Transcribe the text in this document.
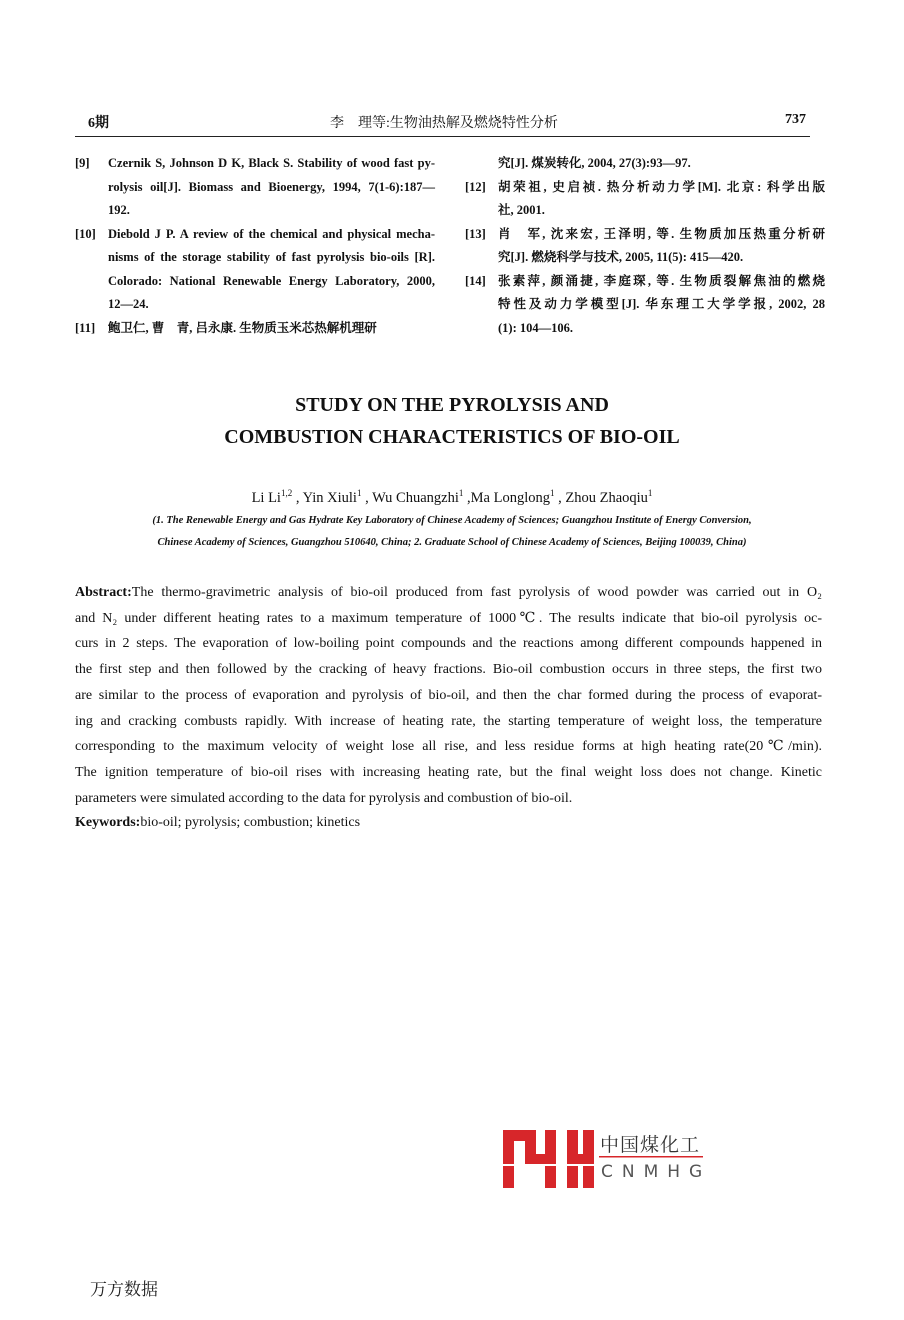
6期	李　理等:生物油热解及燃烧特性分析	737
[9]	Czernik S, Johnson D K, Black S. Stability of wood fast py-
rolysis oil[J]. Biomass and Bioenergy, 1994, 7(1-6):187—
192.
[10] Diebold J P. A review of the chemical and physical mecha-
nisms of the storage stability of fast pyrolysis bio-oils [R].
Colorado: National Renewable Energy Laboratory, 2000,
12—24.
[11]	鲍卫仁, 曹　青, 吕永康. 生物质玉米芯热解机理研
究[J]. 煤炭转化, 2004, 27(3):93—97.
[12] 胡荣祖, 史启祯. 热分析动力学[M]. 北京: 科学出版
社, 2001.
[13] 肖　军, 沈来宏, 王泽明, 等. 生物质加压热重分析研
究[J]. 燃烧科学与技术, 2005, 11(5): 415—420.
[14] 张素萍, 颜涌捷, 李庭琛, 等. 生物质裂解焦油的燃烧
特性及动力学模型[J]. 华东理工大学学报, 2002, 28
(1): 104—106.
STUDY ON THE PYROLYSIS AND
COMBUSTION CHARACTERISTICS OF BIO-OIL
Li Li$^{1,2}$ , Yin Xiuli$^1$ , Wu Chuangzhi$^1$ ,Ma Longlong$^1$ , Zhou Zhaoqiu$^1$
(1. The Renewable Energy and Gas Hydrate Key Laboratory of Chinese Academy of Sciences; Guangzhou Institute of Energy Conversion,
Chinese Academy of Sciences, Guangzhou 510640, China; 2. Graduate School of Chinese Academy of Sciences, Beijing 100039, China)
Abstract:The thermo-gravimetric analysis of bio-oil produced from fast pyrolysis of wood powder was carried out in O₂
and N₂ under different heating rates to a maximum temperature of 1000℃. The results indicate that bio-oil pyrolysis oc-
curs in 2 steps. The evaporation of low-boiling point compounds and the reactions among different compounds happened in
the first step and then followed by the cracking of heavy fractions. Bio-oil combustion occurs in three steps, the first two
are similar to the process of evaporation and pyrolysis of bio-oil, and then the char formed during the process of evaporat-
ing and cracking combusts rapidly. With increase of heating rate, the starting temperature of weight loss, the temperature
corresponding to the maximum velocity of weight lose all rise, and less residue forms at high heating rate(20℃/min).
The ignition temperature of bio-oil rises with increasing heating rate, but the final weight loss does not change. Kinetic
parameters were simulated according to the data for pyrolysis and combustion of bio-oil.
Keywords:bio-oil; pyrolysis; combustion; kinetics
中国煤化工
CNMHG
万方数据
